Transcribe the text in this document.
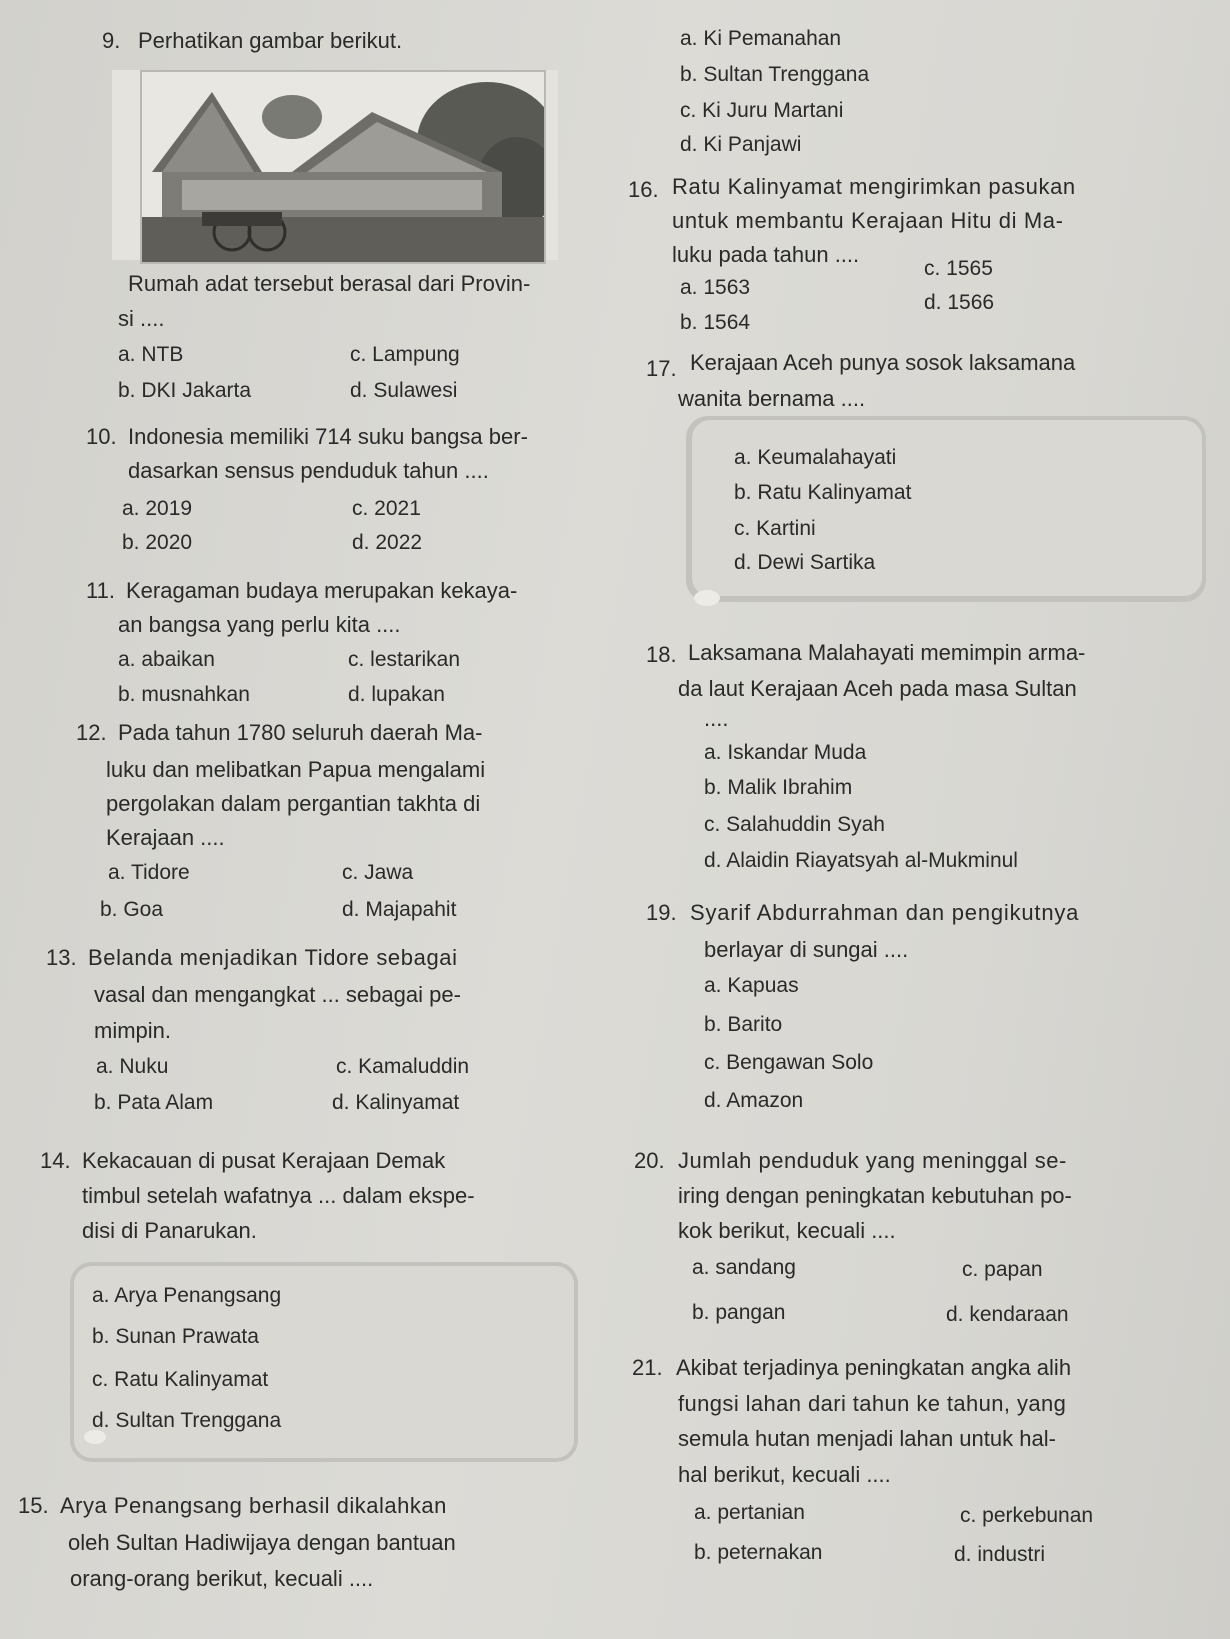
9. Perhatikan gambar berikut.
Rumah adat tersebut berasal dari Provin-
si ....
a. NTB	c. Lampung
b. DKI Jakarta	d. Sulawesi
10. Indonesia memiliki 714 suku bangsa ber-
dasarkan sensus penduduk tahun ....
a. 2019	c. 2021
b. 2020	d. 2022
11. Keragaman budaya merupakan kekaya-
an bangsa yang perlu kita ....
a. abaikan	c. lestarikan
b. musnahkan	d. lupakan
12. Pada tahun 1780 seluruh daerah Ma-
luku dan melibatkan Papua mengalami
pergolakan dalam pergantian takhta di
Kerajaan ....
a. Tidore	c. Jawa
b. Goa	d. Majapahit
13. Belanda menjadikan Tidore sebagai
vasal dan mengangkat ... sebagai pe-
mimpin.
a. Nuku	c. Kamaluddin
b. Pata Alam	d. Kalinyamat
14. Kekacauan di pusat Kerajaan Demak
timbul setelah wafatnya ... dalam ekspe-
disi di Panarukan.
a. Arya Penangsang
b. Sunan Prawata
c. Ratu Kalinyamat
d. Sultan Trenggana
15. Arya Penangsang berhasil dikalahkan
oleh Sultan Hadiwijaya dengan bantuan
orang-orang berikut, kecuali ....
a. Ki Pemanahan
b. Sultan Trenggana
c. Ki Juru Martani
d. Ki Panjawi
16. Ratu Kalinyamat mengirimkan pasukan
untuk membantu Kerajaan Hitu di Ma-
luku pada tahun ....
a. 1563
c. 1565
b. 1564
d. 1566
17. Kerajaan Aceh punya sosok laksamana
wanita bernama ....
a. Keumalahayati
b. Ratu Kalinyamat
c. Kartini
d. Dewi Sartika
18. Laksamana Malahayati memimpin arma-
da laut Kerajaan Aceh pada masa Sultan
....
a. Iskandar Muda
b. Malik Ibrahim
c. Salahuddin Syah
d. Alaidin Riayatsyah al-Mukminul
19. Syarif Abdurrahman dan pengikutnya
berlayar di sungai ....
a. Kapuas
b. Barito
c. Bengawan Solo
d. Amazon
20. Jumlah penduduk yang meninggal se-
iring dengan peningkatan kebutuhan po-
kok berikut, kecuali ....
a. sandang	c. papan
b. pangan	d. kendaraan
21. Akibat terjadinya peningkatan angka alih
fungsi lahan dari tahun ke tahun, yang
semula hutan menjadi lahan untuk hal-
hal berikut, kecuali ....
a. pertanian	c. perkebunan
b. peternakan	d. industri
